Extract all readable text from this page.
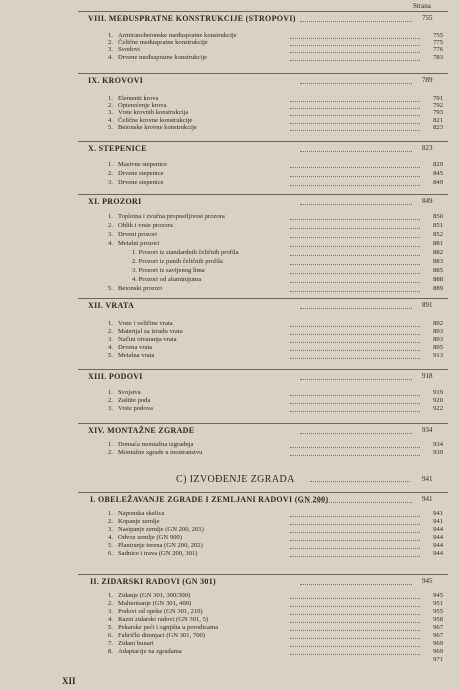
Strana
VIII. MEĐUSPRATNE KONSTRUKCIJE (STROPOVI)	755
1. Armiranobetonske međuspratne konstrukcije	755
2. Čelične međuspratne konstrukcije	775
3. Svodovi	776
4. Drvene međuspratne konstrukcije	783
IX. KROVOVI	789
1. Elementi krova	791
2. Opterećenje krova	792
3. Vrste krovnih konstrukcija	793
4. Čelične krovne konstrukcije	821
5. Betonske krovne konstrukcije	823
X. STEPENICE	823
1. Masivne stepenice	829
2. Drvene stepenice	845
3. Drvene stepenice	849
XI. PROZORI	849
1. Toplotna i zvučna propustljivost prozora	850
2. Oblik i vrste prozora	851
3. Drveni prozori	852
4. Metalni prozori	881
1. Prozori iz standardnih čeličnih profila	882
2. Prozori iz punih čeličnih profila	883
3. Prozori iz savijenog lima	885
4. Prozori od aluminijuma	888
5. Betonski prozori	889
XII. VRATA	891
1. Vrste i veličine vrata	892
2. Materijal za izradu vrata	893
3. Načini otvaranja vrata	893
4. Drvena vrata	895
5. Metalna vrata	913
XIII. PODOVI	918
1. Svojstva	919
2. Zaštite poda	920
3. Vrste podova	922
XIV. MONTAŽNE ZGRADE	934
1. Domaća montažna izgradnja	934
2. Montažne zgrade u inostranstvu	939
C) IZVOĐENJE ZGRADA	941
I. OBELEŽAVANJE ZGRADE I ZEMLJANI RADOVI (GN 200)	941
1. Naponska skelica	941
2. Kopanje zemlje	941
3. Nasipanje zemlje (GN 200, 201)	944
4. Odvoz zemlje (GN 900)	944
5. Planiranje terena (GN 200, 202)	944
6. Sadnice i trava (GN 200, 301)	944
II. ZIDARSKI RADOVI (GN 301)	945
1. Zidanje (GN 301, 300/300)	945
2. Malterisanje (GN 301, 400)	951
3. Podovi od opeke (GN 301, 210)	955
4. Razni zidarski radovi (GN 301, 5)	958
5. Pekarske peći i ognjišta u porodicama	967
6. Fabrički dimnjaci (GN 301, 700)	967
7. Zidani bunari	969
8. Adaptacije na zgradama	969
971
XII
